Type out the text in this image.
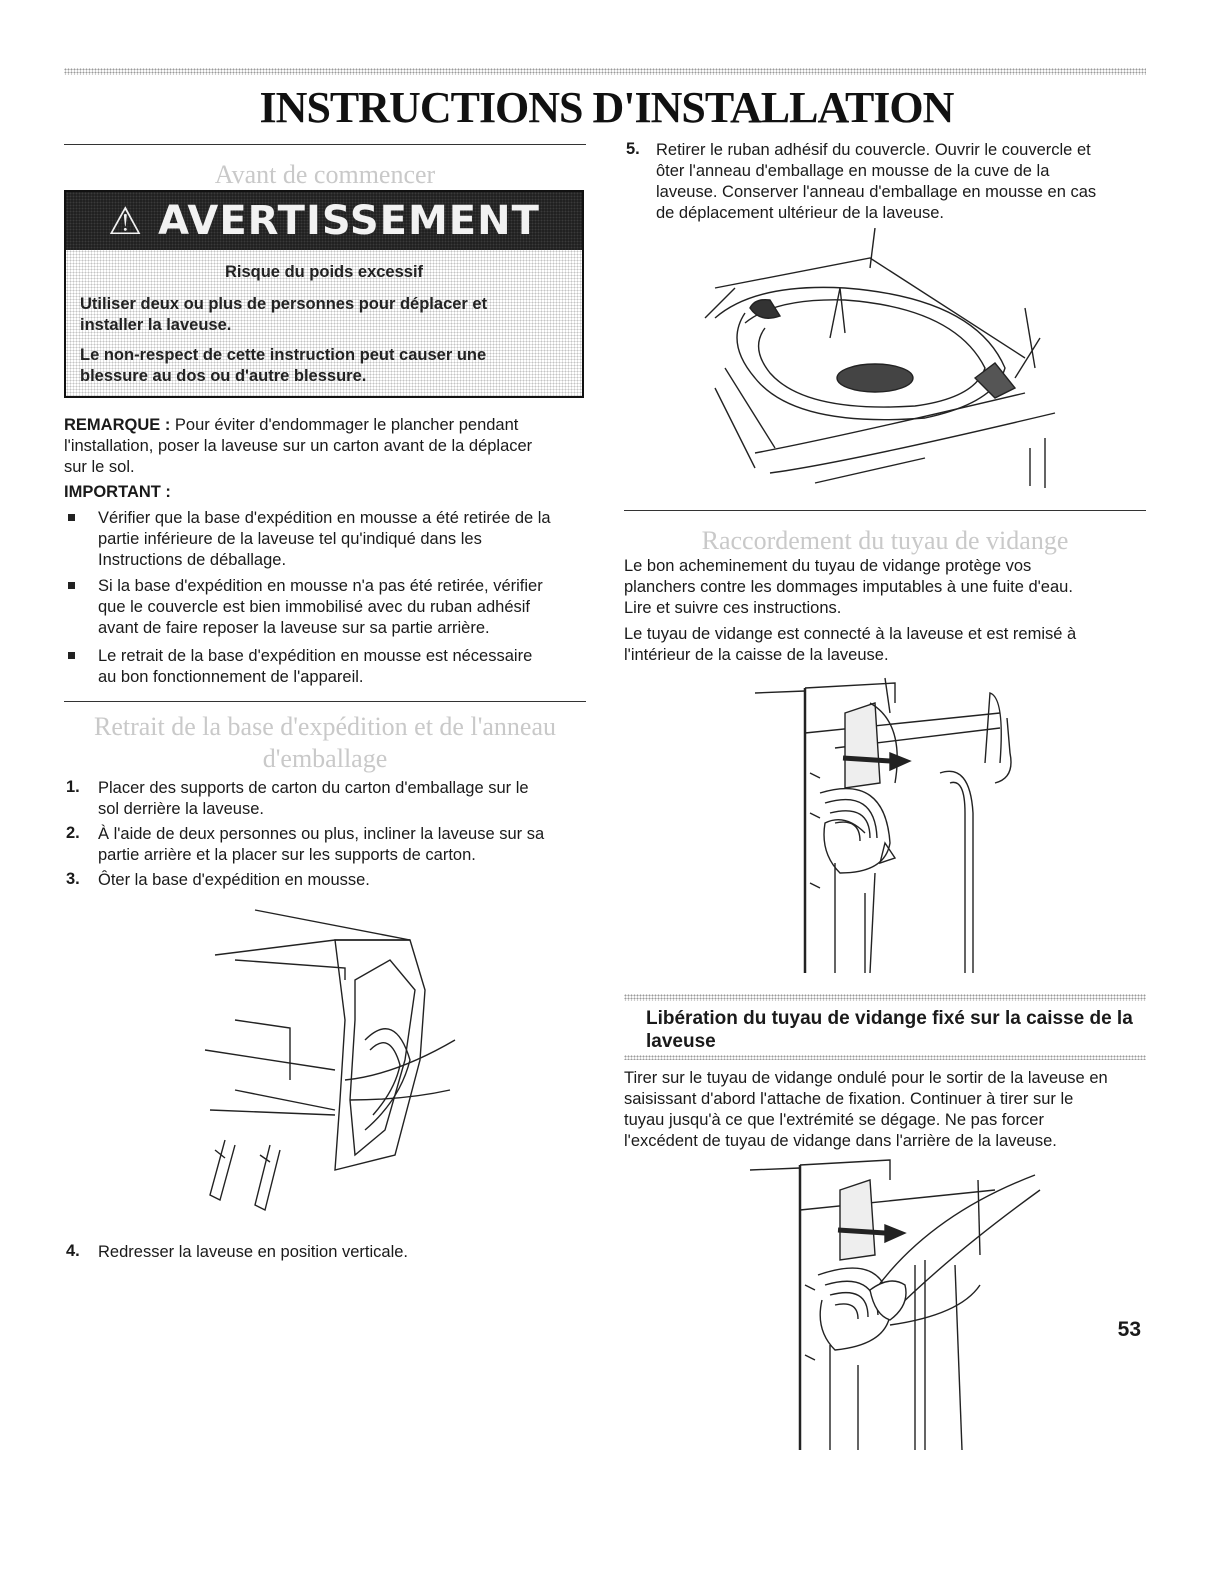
INSTRUCTIONS D'INSTALLATION
Avant de commencer
⚠ AVERTISSEMENT
Risque du poids excessif
Utiliser deux ou plus de personnes pour déplacer et
installer la laveuse.
Le non-respect de cette instruction peut causer une
blessure au dos ou d'autre blessure.
REMARQUE : Pour éviter d'endommager le plancher pendant
l'installation, poser la laveuse sur un carton avant de la déplacer
sur le sol.
IMPORTANT :
Vérifier que la base d'expédition en mousse a été retirée de la
partie inférieure de la laveuse tel qu'indiqué dans les
Instructions de déballage.
Si la base d'expédition en mousse n'a pas été retirée, vérifier
que le couvercle est bien immobilisé avec du ruban adhésif
avant de faire reposer la laveuse sur sa partie arrière.
Le retrait de la base d'expédition en mousse est nécessaire
au bon fonctionnement de l'appareil.
Retrait de la base d'expédition et de l'anneau
d'emballage
1. Placer des supports de carton du carton d'emballage sur le
sol derrière la laveuse.
2. À l'aide de deux personnes ou plus, incliner la laveuse sur sa
partie arrière et la placer sur les supports de carton.
3. Ôter la base d'expédition en mousse.
4. Redresser la laveuse en position verticale.
5. Retirer le ruban adhésif du couvercle. Ouvrir le couvercle et
ôter l'anneau d'emballage en mousse de la cuve de la
laveuse. Conserver l'anneau d'emballage en mousse en cas
de déplacement ultérieur de la laveuse.
Raccordement du tuyau de vidange
Le bon acheminement du tuyau de vidange protège vos
planchers contre les dommages imputables à une fuite d'eau.
Lire et suivre ces instructions.
Le tuyau de vidange est connecté à la laveuse et est remisé à
l'intérieur de la caisse de la laveuse.
Libération du tuyau de vidange fixé sur la caisse de la
laveuse
Tirer sur le tuyau de vidange ondulé pour le sortir de la laveuse en
saisissant d'abord l'attache de fixation. Continuer à tirer sur le
tuyau jusqu'à ce que l'extrémité se dégage. Ne pas forcer
l'excédent de tuyau de vidange dans l'arrière de la laveuse.
53
